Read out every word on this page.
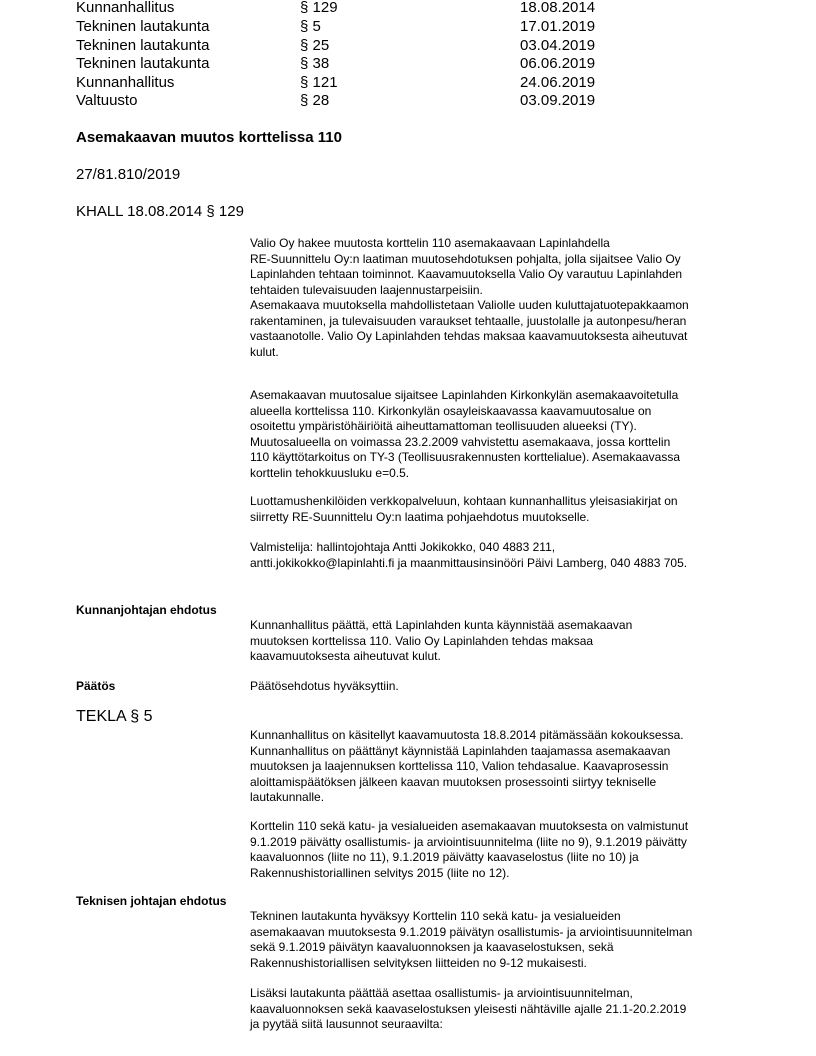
Kunnanhallitus	§ 129	18.08.2014
Tekninen lautakunta	§ 5	17.01.2019
Tekninen lautakunta	§ 25	03.04.2019
Tekninen lautakunta	§ 38	06.06.2019
Kunnanhallitus	§ 121	24.06.2019
Valtuusto	§ 28	03.09.2019
Asemakaavan muutos korttelissa 110
27/81.810/2019
KHALL 18.08.2014 § 129
Valio Oy hakee muutosta korttelin 110 asemakaavaan Lapinlahdella
RE-Suunnittelu Oy:n laatiman muutosehdotuksen pohjalta, jolla sijaitsee Valio Oy
Lapinlahden tehtaan toiminnot. Kaavamuutoksella Valio Oy varautuu Lapinlahden
tehtaiden tulevaisuuden laajennustarpeisiin.
Asemakaava muutoksella mahdollistetaan Valiolle uuden kuluttajatuotepakkaamon
rakentaminen, ja tulevaisuuden varaukset tehtaalle, juustolalle ja autonpesu/heran
vastaanotolle. Valio Oy Lapinlahden tehdas maksaa kaavamuutoksesta aiheutuvat
kulut.
Asemakaavan muutosalue sijaitsee Lapinlahden Kirkonkylän asemakaavoitetulla
alueella korttelissa 110. Kirkonkylän osayleiskaavassa kaavamuutosalue on
osoitettu ympäristöhäiriöitä aiheuttamattoman teollisuuden alueeksi (TY).
Muutosalueella on voimassa 23.2.2009 vahvistettu asemakaava, jossa korttelin
110 käyttötarkoitus on TY-3 (Teollisuusrakennusten korttelialue). Asemakaavassa
korttelin tehokkuusluku e=0.5.
Luottamushenkilöiden verkkopalveluun, kohtaan kunnanhallitus yleisasiakirjat on
siirretty RE-Suunnittelu Oy:n laatima pohjaehdotus muutokselle.
Valmistelija: hallintojohtaja Antti Jokikokko, 040 4883 211,
antti.jokikokko@lapinlahti.fi ja maanmittausinsinööri Päivi Lamberg, 040 4883 705.
Kunnanjohtajan ehdotus
Kunnanhallitus päättä, että Lapinlahden kunta käynnistää asemakaavan
muutoksen korttelissa 110. Valio Oy Lapinlahden tehdas maksaa
kaavamuutoksesta aiheutuvat kulut.
Päätös	Päätösehdotus hyväksyttiin.
TEKLA § 5
Kunnanhallitus on käsitellyt kaavamuutosta 18.8.2014 pitämässään kokouksessa.
Kunnanhallitus on päättänyt käynnistää Lapinlahden taajamassa asemakaavan
muutoksen ja laajennuksen korttelissa 110, Valion tehdasalue. Kaavaprosessin
aloittamispäätöksen jälkeen kaavan muutoksen prosessointi siirtyy tekniselle
lautakunnalle.
Korttelin 110 sekä katu- ja vesialueiden asemakaavan muutoksesta on valmistunut
9.1.2019 päivätty osallistumis- ja arviointisuunnitelma (liite no 9), 9.1.2019 päivätty
kaavaluonnos (liite no 11), 9.1.2019 päivätty kaavaselostus (liite no 10) ja
Rakennushistoriallinen selvitys 2015 (liite no 12).
Teknisen johtajan ehdotus
Tekninen lautakunta hyväksyy Korttelin 110 sekä katu- ja vesialueiden
asemakaavan muutoksesta 9.1.2019 päivätyn osallistumis- ja arviointisuunnitelman
sekä 9.1.2019 päivätyn kaavaluonnoksen ja kaavaselostuksen, sekä
Rakennushistoriallisen selvityksen liitteiden no 9-12 mukaisesti.
Lisäksi lautakunta päättää asettaa osallistumis- ja arviointisuunnitelman,
kaavaluonnoksen sekä kaavaselostuksen yleisesti nähtäville ajalle 21.1-20.2.2019
ja pyytää siitä lausunnot seuraavilta:
